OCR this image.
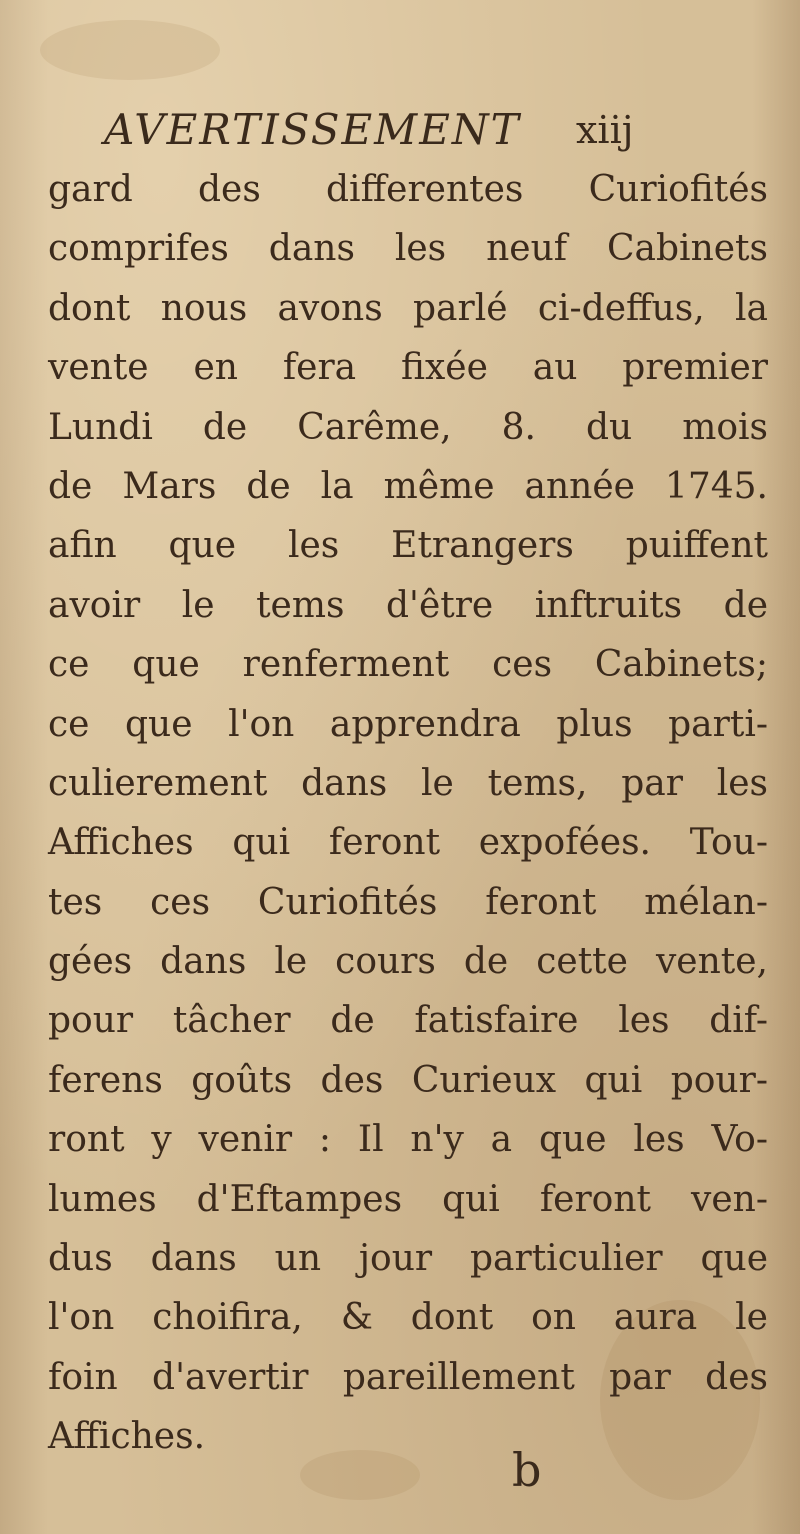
AVERTISSEMENT xiij
gard des differentes Curiofités
comprifes dans les neuf Cabinets
dont nous avons parlé ci-deffus, la
vente en fera fixée au premier
Lundi de Carême, 8. du mois
de Mars de la même année 1745.
afin que les Etrangers puiffent
avoir le tems d'être inftruits de
ce que renferment ces Cabinets;
ce que l'on apprendra plus parti-
culierement dans le tems, par les
Affiches qui feront expofées. Tou-
tes ces Curiofités feront mélan-
gées dans le cours de cette vente,
pour tâcher de fatisfaire les dif-
ferens goûts des Curieux qui pour-
ront y venir : Il n'y a que les Vo-
lumes d'Eftampes qui feront ven-
dus dans un jour particulier que
l'on choifira, & dont on aura le
foin d'avertir pareillement par des
Affiches.
b
